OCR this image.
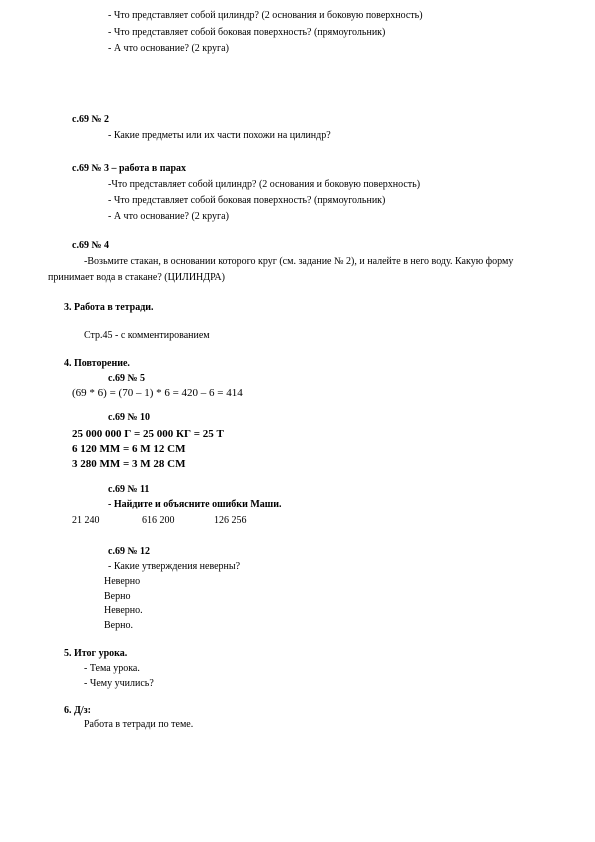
- Что представляет собой цилиндр? (2 основания и боковую поверхность)
- Что представляет собой боковая поверхность? (прямоугольник)
- А что основание? (2 круга)
с.69 № 2
- Какие предметы или их части похожи на цилиндр?
с.69 № 3 – работа в парах
-Что представляет собой цилиндр? (2 основания и боковую поверхность)
- Что представляет собой боковая поверхность? (прямоугольник)
- А что основание? (2 круга)
с.69 № 4
-Возьмите стакан, в основании которого круг (см. задание № 2), и налейте в него воду. Какую форму
принимает вода в стакане? (ЦИЛИНДРА)
3. Работа в тетради.
Стр.45 - с комментированием
4. Повторение.
с.69 № 5
(69 * 6) = (70 – 1) * 6 = 420 – 6 = 414
с.69 № 10
25 000 000 Г = 25 000 КГ = 25 Т
6 120 ММ = 6 М 12 СМ
3 280 ММ = 3 М 28 СМ
с.69 № 11
- Найдите и объясните ошибки Маши.
21 240	616 200	126 256
с.69 № 12
- Какие утверждения неверны?
Неверно
Верно
Неверно.
Верно.
5. Итог урока.
- Тема урока.
- Чему учились?
6. Д/з:
Работа в тетради по теме.
